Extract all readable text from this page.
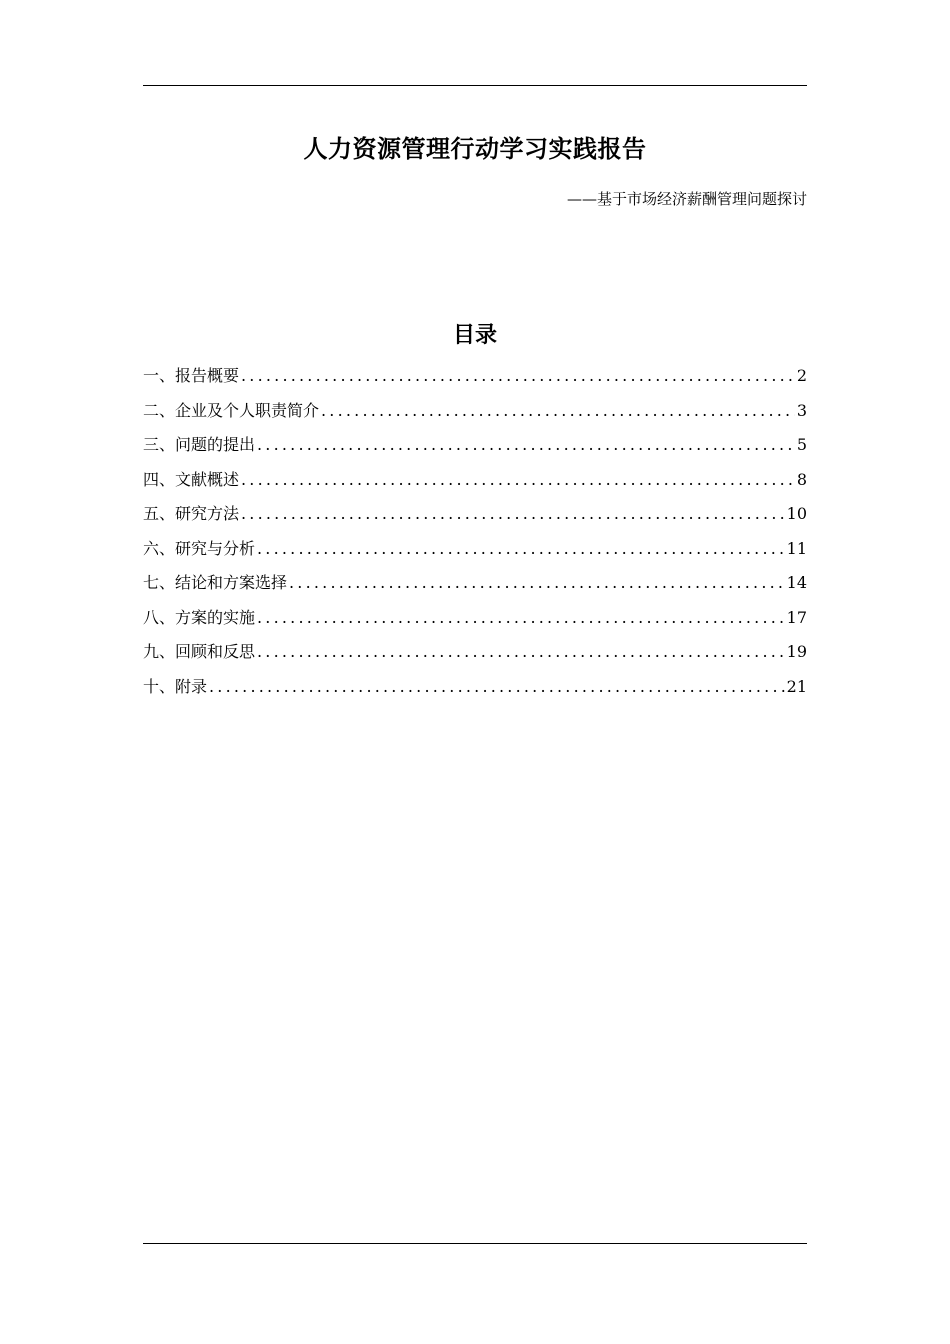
人力资源管理行动学习实践报告
——基于市场经济薪酬管理问题探讨
目录
一、报告概要 .....	2
二、企业及个人职责简介 .....	3
三、问题的提出 .....	5
四、文献概述 .....	8
五、研究方法 .....	10
六、研究与分析 .....	11
七、结论和方案选择 .....	14
八、方案的实施 .....	17
九、回顾和反思 .....	19
十、附录 .....	21
